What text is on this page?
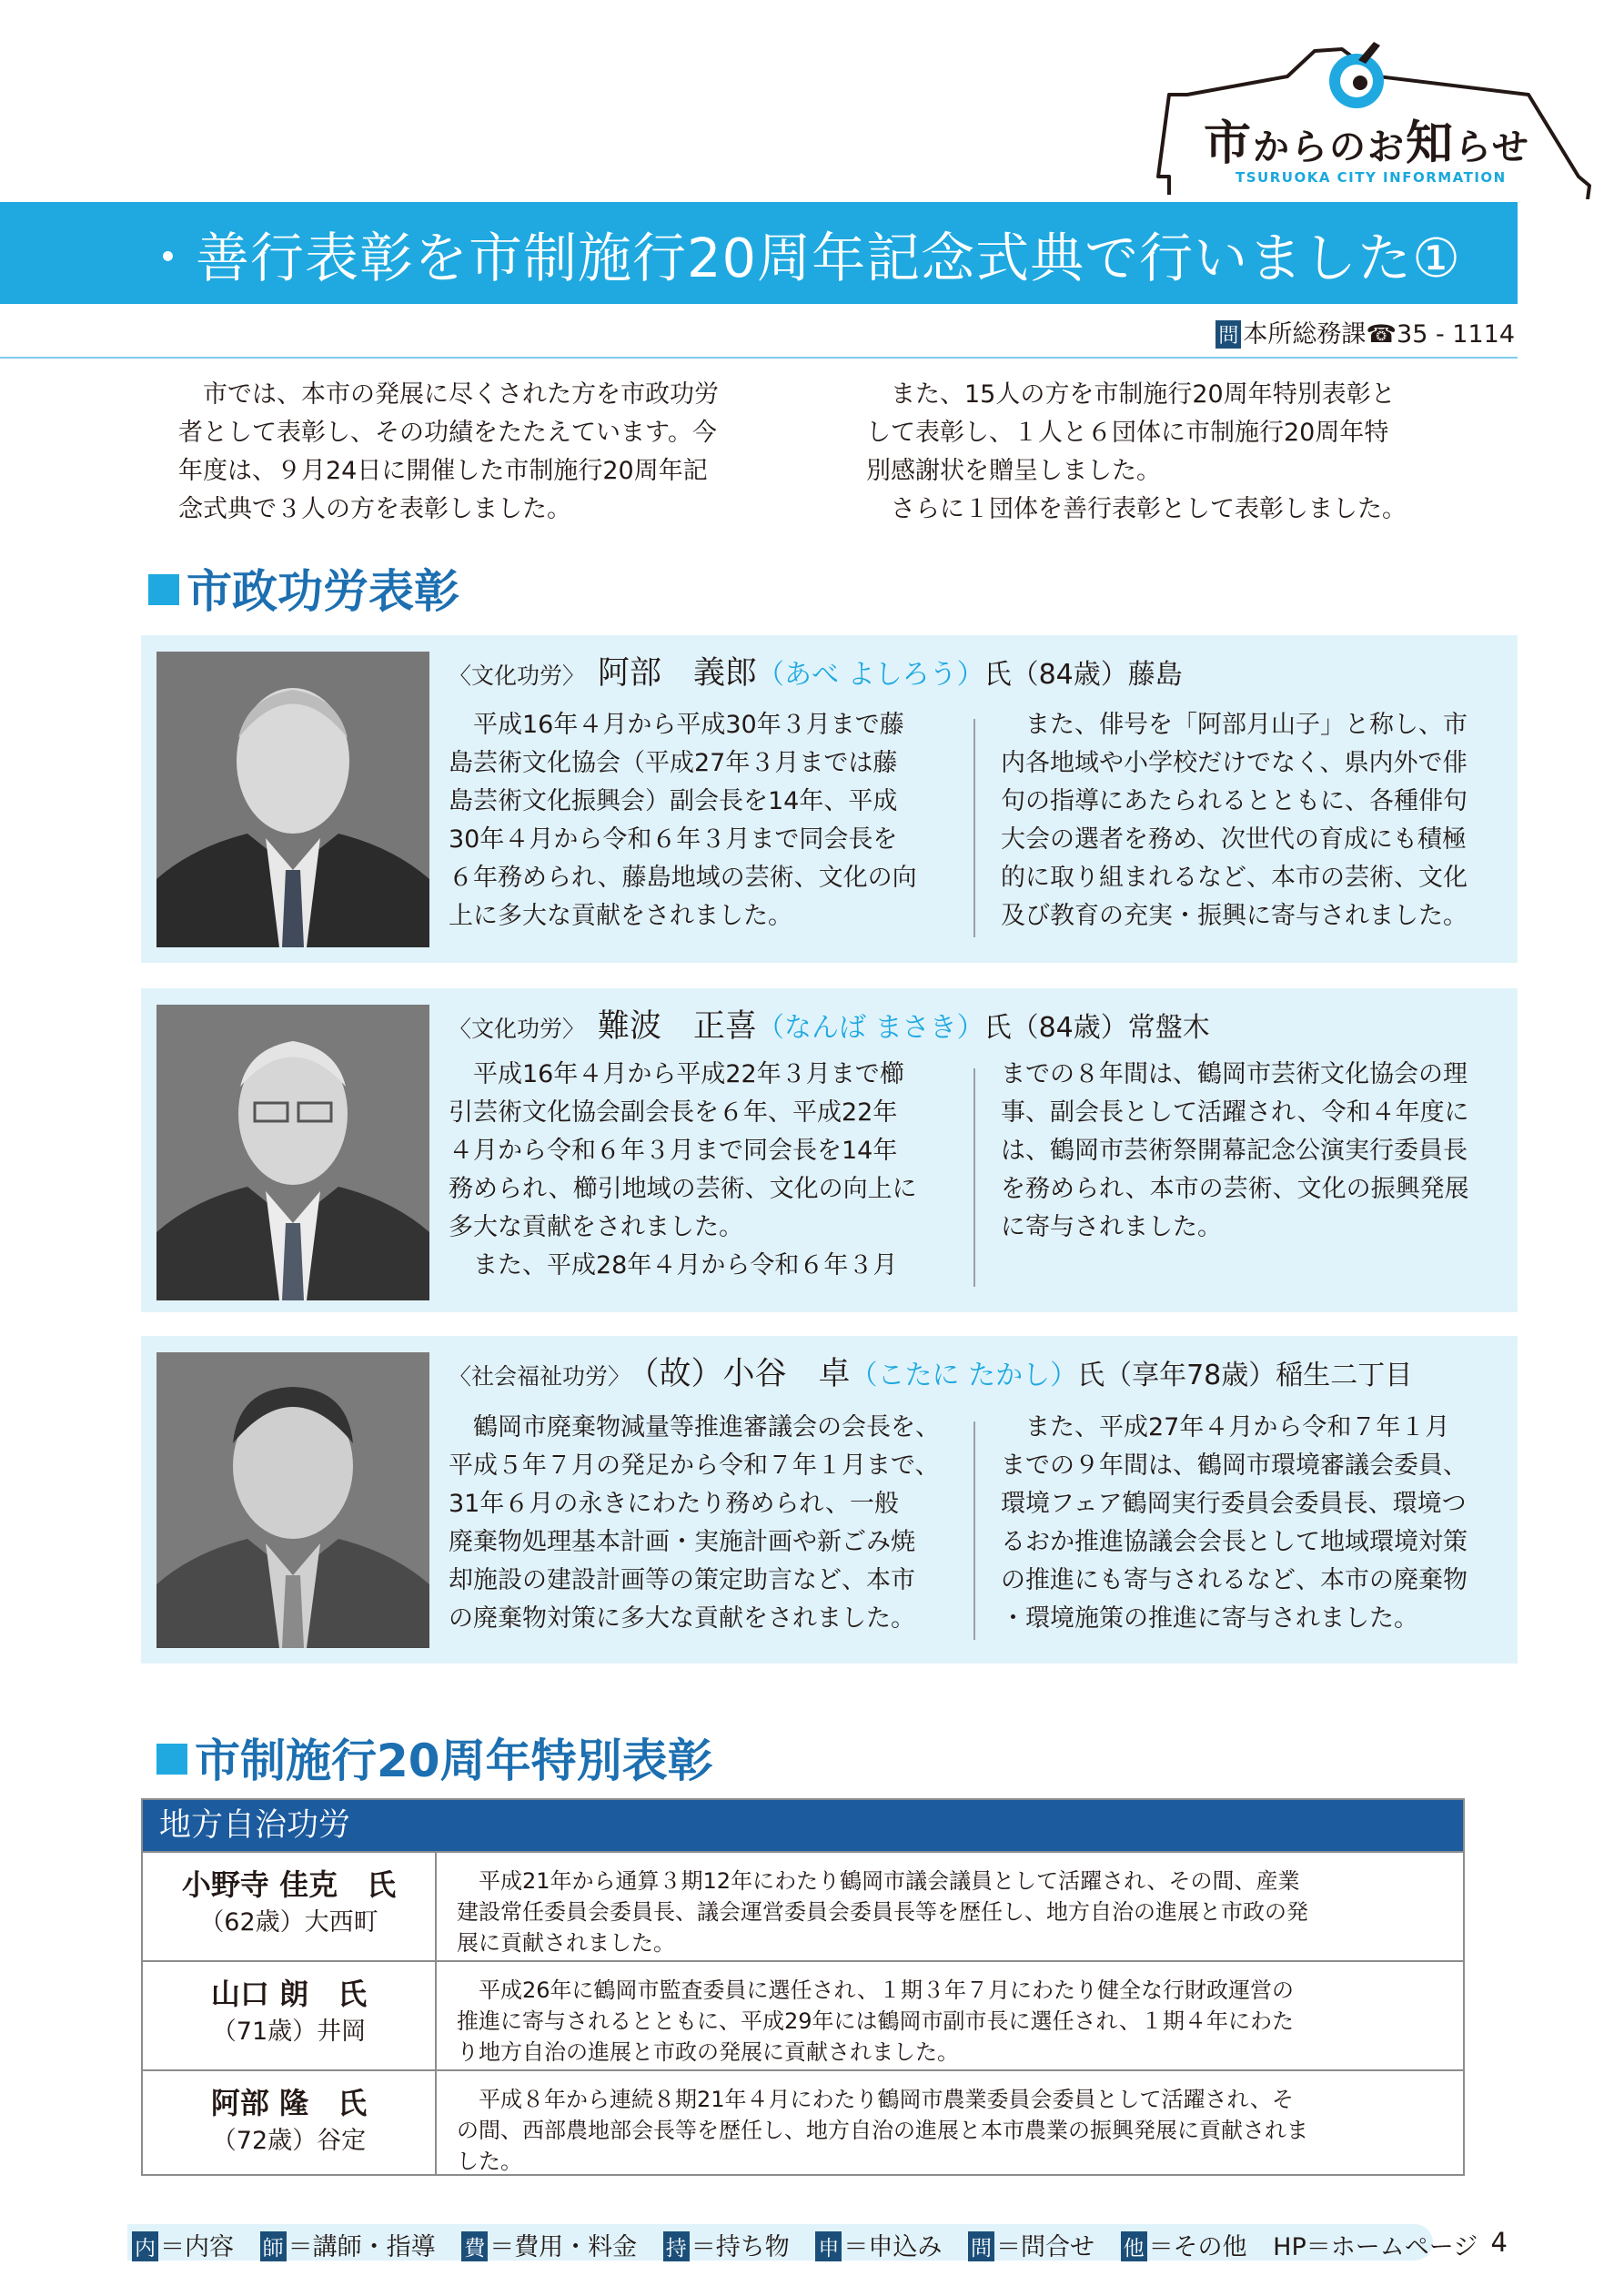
市からのお知らせ
TSURUOKA CITY INFORMATION
・善行表彰を市制施行20周年記念式典で行いました①
問 本所総務課☎35 - 1114

　市では、本市の発展に尽くされた方を市政功労

者として表彰し、その功績をたたえています。今

年度は、９月24日に開催した市制施行20周年記

念式典で３人の方を表彰しました。

　また、15人の方を市制施行20周年特別表彰と

して表彰し、１人と６団体に市制施行20周年特

別感謝状を贈呈しました。

　さらに１団体を善行表彰として表彰しました。

市政功労表彰
〈文化功労〉 阿部　義郎（あべ よしろう）氏（84歳）藤島

　平成16年４月から平成30年３月まで藤

島芸術文化協会（平成27年３月までは藤

島芸術文化振興会）副会長を14年、平成

30年４月から令和６年３月まで同会長を

６年務められ、藤島地域の芸術、文化の向

上に多大な貢献をされました。

　また、俳号を「阿部月山子」と称し、市

内各地域や小学校だけでなく、県内外で俳

句の指導にあたられるとともに、各種俳句

大会の選者を務め、次世代の育成にも積極

的に取り組まれるなど、本市の芸術、文化

及び教育の充実・振興に寄与されました。

〈文化功労〉 難波　正喜（なんば まさき）氏（84歳）常盤木

　平成16年４月から平成22年３月まで櫛

引芸術文化協会副会長を６年、平成22年

４月から令和６年３月まで同会長を14年

務められ、櫛引地域の芸術、文化の向上に

多大な貢献をされました。

　また、平成28年４月から令和６年３月

までの８年間は、鶴岡市芸術文化協会の理

事、副会長として活躍され、令和４年度に

は、鶴岡市芸術祭開幕記念公演実行委員長

を務められ、本市の芸術、文化の振興発展

に寄与されました。

〈社会福祉功労〉 （故）小谷　卓（こたに たかし）氏（享年78歳）稲生二丁目

　鶴岡市廃棄物減量等推進審議会の会長を、

平成５年７月の発足から令和７年１月まで、

31年６月の永きにわたり務められ、一般

廃棄物処理基本計画・実施計画や新ごみ焼

却施設の建設計画等の策定助言など、本市

の廃棄物対策に多大な貢献をされました。

　また、平成27年４月から令和７年１月

までの９年間は、鶴岡市環境審議会委員、

環境フェア鶴岡実行委員会委員長、環境つ

るおか推進協議会会長として地域環境対策

の推進にも寄与されるなど、本市の廃棄物

・環境施策の推進に寄与されました。

市制施行20周年特別表彰
地方自治功労
小野寺 佳克　氏
（62歳）大西町
　平成21年から通算３期12年にわたり鶴岡市議会議員として活躍され、その間、産業
建設常任委員会委員長、議会運営委員会委員長等を歴任し、地方自治の進展と市政の発
展に貢献されました。
山口 朗　氏
（71歳）井岡
　平成26年に鶴岡市監査委員に選任され、１期３年７月にわたり健全な行財政運営の
推進に寄与されるとともに、平成29年には鶴岡市副市長に選任され、１期４年にわた
り地方自治の進展と市政の発展に貢献されました。
阿部 隆　氏
（72歳）谷定
　平成８年から連続８期21年４月にわたり鶴岡市農業委員会委員として活躍され、そ
の間、西部農地部会長等を歴任し、地方自治の進展と本市農業の振興発展に貢献されま
した。
内 ＝内容 師 ＝講師・指導 費 ＝費用・料金 持 ＝持ち物 申 ＝申込み 問 ＝問合せ 他 ＝その他 HP＝ホームページ 4
